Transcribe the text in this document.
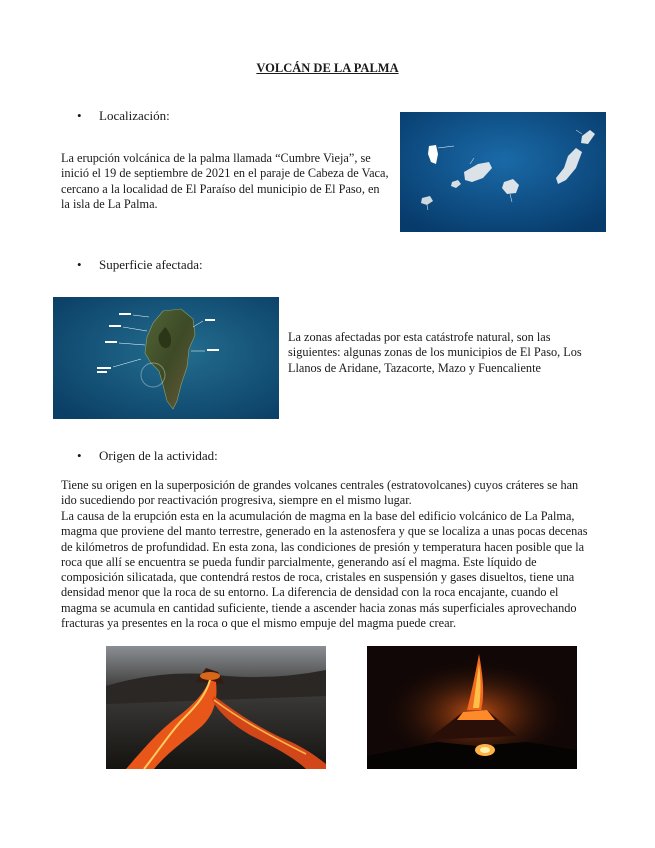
VOLCÁN DE LA PALMA
Localización:
La erupción volcánica de la palma llamada “Cumbre Vieja”, se inició el 19 de septiembre de 2021 en el paraje de Cabeza de Vaca, cercano a la localidad de El Paraíso del municipio de El Paso, en la isla de La Palma.
Superficie afectada:
La zonas afectadas por esta catástrofe natural, son las siguientes: algunas zonas de los municipios de El Paso, Los Llanos de Aridane, Tazacorte, Mazo y Fuencaliente
Origen de la actividad:
Tiene su origen en la superposición de grandes volcanes centrales (estratovolcanes) cuyos cráteres se han ido sucediendo por reactivación progresiva, siempre en el mismo lugar.
La causa de la erupción esta en la acumulación de magma en la base del edificio volcánico de La Palma, magma que proviene del manto terrestre, generado en la astenosfera y que se localiza a unas pocas decenas de kilómetros de profundidad. En esta zona, las condiciones de presión y temperatura hacen posible que la roca que allí se encuentra se pueda fundir parcialmente, generando así el magma. Este líquido de composición silicatada, que contendrá restos de roca, cristales en suspensión y gases disueltos, tiene una densidad menor que la roca de su entorno. La diferencia de densidad con la roca encajante, cuando el magma se acumula en cantidad suficiente, tiende a ascender hacia zonas más superficiales aprovechando fracturas ya presentes en la roca o que el mismo empuje del magma puede crear.
